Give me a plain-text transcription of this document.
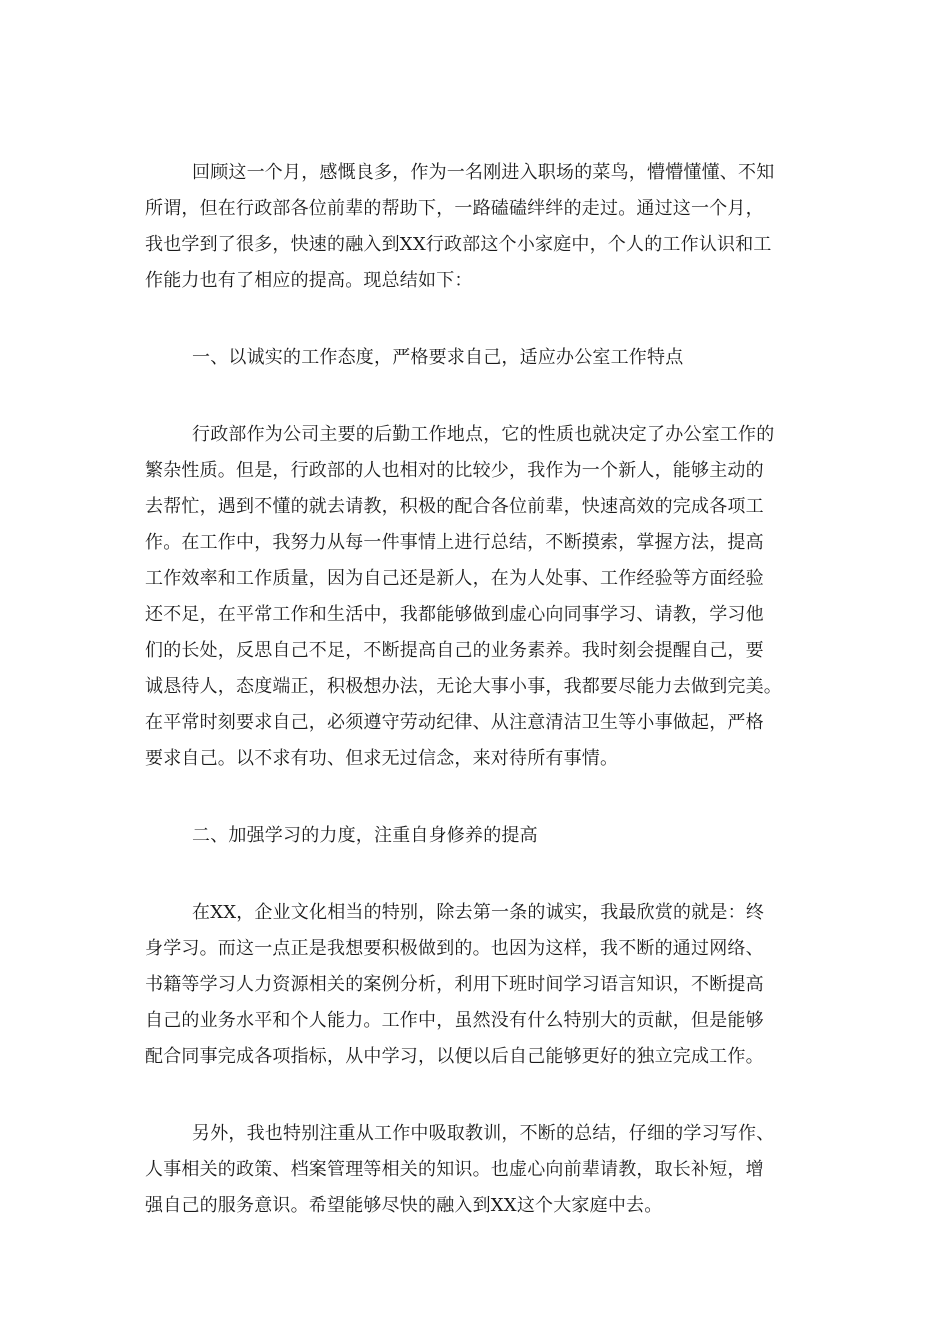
回顾这一个月，感慨良多，作为一名刚进入职场的菜鸟，懵懵懂懂、不知
所谓，但在行政部各位前辈的帮助下，一路磕磕绊绊的走过。通过这一个月，
我也学到了很多，快速的融入到XX行政部这个小家庭中，个人的工作认识和工
作能力也有了相应的提高。现总结如下：
一、以诚实的工作态度，严格要求自己，适应办公室工作特点
行政部作为公司主要的后勤工作地点，它的性质也就决定了办公室工作的
繁杂性质。但是，行政部的人也相对的比较少，我作为一个新人，能够主动的
去帮忙，遇到不懂的就去请教，积极的配合各位前辈，快速高效的完成各项工
作。在工作中，我努力从每一件事情上进行总结，不断摸索，掌握方法，提高
工作效率和工作质量，因为自己还是新人，在为人处事、工作经验等方面经验
还不足，在平常工作和生活中，我都能够做到虚心向同事学习、请教，学习他
们的长处，反思自己不足，不断提高自己的业务素养。我时刻会提醒自己，要
诚恳待人，态度端正，积极想办法，无论大事小事，我都要尽能力去做到完美。
在平常时刻要求自己，必须遵守劳动纪律、从注意清洁卫生等小事做起，严格
要求自己。以不求有功、但求无过信念，来对待所有事情。
二、加强学习的力度，注重自身修养的提高
在XX，企业文化相当的特别，除去第一条的诚实，我最欣赏的就是：终
身学习。而这一点正是我想要积极做到的。也因为这样，我不断的通过网络、
书籍等学习人力资源相关的案例分析，利用下班时间学习语言知识，不断提高
自己的业务水平和个人能力。工作中，虽然没有什么特别大的贡献，但是能够
配合同事完成各项指标，从中学习，以便以后自己能够更好的独立完成工作。
另外，我也特别注重从工作中吸取教训，不断的总结，仔细的学习写作、
人事相关的政策、档案管理等相关的知识。也虚心向前辈请教，取长补短，增
强自己的服务意识。希望能够尽快的融入到XX这个大家庭中去。
